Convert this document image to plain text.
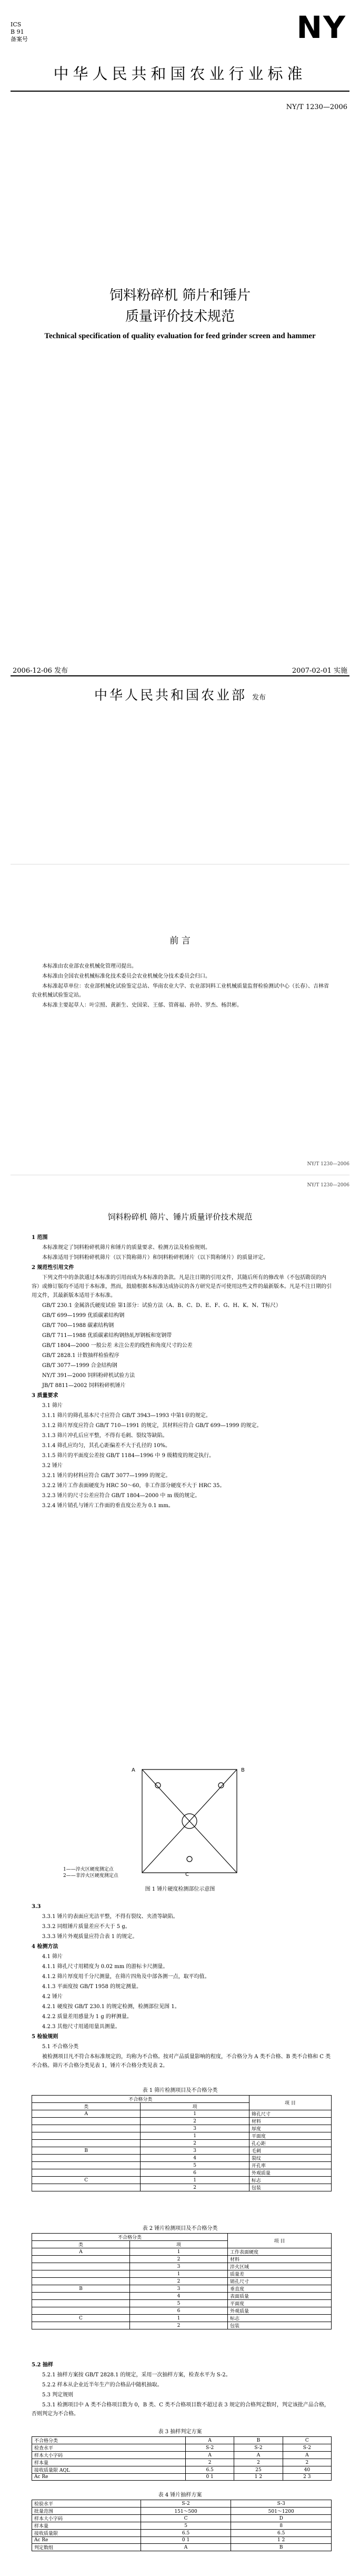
ICS
B 91
备案号	NY
中华人民共和国农业行业标准
NY/T 1230—2006
饲料粉碎机 筛片和锤片
质量评价技术规范
Technical specification of quality evaluation for feed grinder screen and hammer
2006-12-06 发布	2007-02-01 实施
中华人民共和国农业部 发布
前 言

本标准由农业部农业机械化管理司提出。

本标准由全国农业机械标准化技术委员会农业机械化分技术委员会归口。

本标准起草单位：农业部机械化试验鉴定总站、华南农业大学、农业部饲料工业机械质量监督检验测试中心（长春）、吉林省农业机械试验鉴定站。

本标准主要起草人：叶宗照、黄新生、史国荣、王郁、管蒋福、孙铃、罗杰、杨洪彬。

NY/T 1230—2006
NY/T 1230—2006
饲料粉碎机 筛片、锤片质量评价技术规范

1 范围

本标准规定了饲料粉碎机筛片和锤片的质量要求、检测方法及检验规则。

本标准适用于饲料粉碎机筛片（以下简称筛片）和饲料粉碎机锤片（以下简称锤片）的质量评定。

2 规范性引用文件

下列文件中的条款通过本标准的引用而成为本标准的条款。凡是注日期的引用文件，其随后所有的修改单（不包括勘误的内容）或修订版均不适用于本标准，然而，鼓励根据本标准达成协议的各方研究是否可使用这些文件的最新版本。凡是不注日期的引用文件，其最新版本适用于本标准。

GB/T 230.1 金属洛氏硬度试验 第1部分：试验方法（A、B、C、D、E、F、G、H、K、N、T标尺）

GB/T 699—1999 优质碳素结构钢

GB/T 700—1988 碳素结构钢

GB/T 711—1988 优质碳素结构钢热轧厚钢板和宽钢带

GB/T 1804—2000 一般公差 未注公差的线性和角度尺寸的公差

GB/T 2828.1 计数抽样检验程序

GB/T 3077—1999 合金结构钢

NY/T 391—2000 饲料粉碎机试验方法

JB/T 8811—2002 饲料粉碎机锤片

3 质量要求

3.1 筛片

3.1.1 筛片的筛孔基本尺寸应符合 GB/T 3943—1993 中第1章的规定。

3.1.2 筛片厚度应符合 GB/T 710—1991 的规定，其材料应符合 GB/T 699—1999 的规定。

3.1.3 筛片冲孔后应平整，不得有毛刺、裂纹等缺陷。

3.1.4 筛孔应均匀，其孔心距偏差不大于孔径的 10%。

3.1.5 筛片的平面度公差按 GB/T 1184—1996 中 9 级精度的规定执行。

3.2 锤片

3.2.1 锤片的材料应符合 GB/T 3077—1999 的规定。

3.2.2 锤片工作表面硬度为 HRC 50～60，非工作部分硬度不大于 HRC 35。

3.2.3 锤片的尺寸公差应符合 GB/T 1804—2000 中 m 级的规定。

3.2.4 锤片销孔与锤片工作面的垂直度公差为 0.1 mm。

A	B
C
1——淬火区硬度测定点
2——非淬火区硬度测定点
图 1 锤片硬度检测部位示意图

3.3

3.3.1 锤片的表面应光洁平整，不得有裂纹、夹渣等缺陷。

3.3.2 同组锤片质量差应不大于 5 g。

3.3.3 锤片外观质量应符合表 1 的规定。

4 检测方法

4.1 筛片

4.1.1 筛孔尺寸用精度为 0.02 mm 的游标卡尺测量。

4.1.2 筛片厚度用千分尺测量，在筛片四角及中部各测一点，取平均值。

4.1.3 平面度按 GB/T 1958 的规定测量。

4.2 锤片

4.2.1 硬度按 GB/T 230.1 的规定检测，检测部位见图 1。

4.2.2 质量差用感量为 1 g 的秤测量。

4.2.3 其他尺寸用通用量具测量。

5 检验规则

5.1 不合格分类

被检测项目凡不符合本标准规定的，均称为不合格。按对产品质量影响的程度，不合格分为 A 类不合格、B 类不合格和 C 类不合格。筛片不合格分类见表 1，锤片不合格分类见表 2。

表 1 筛片检测项目及不合格分类
不合格分类		项 目
类	项	
A	1	筛孔尺寸
	2	材料
	3	厚度
	1	平面度
	2	孔心距
B	3	毛刺
	4	裂纹
	5	开孔率
	6	外观质量
C	1	标志
	2	包装
表 2 锤片检测项目及不合格分类
不合格分类		项 目
类	项	
A	1	工作表面硬度
	2	材料
	3	淬火区域
	1	质量差
	2	销孔尺寸
B	3	垂直度
	4	表面质量
	5	平面度
	6	外观质量
C	1	标志
	2	包装

5.2 抽样

5.2.1 抽样方案按 GB/T 2828.1 的规定，采用一次抽样方案，检查水平为 S-2。

5.2.2 样本从企业近半年生产的合格品中随机抽取。

5.3 判定规则

5.3.1 检测项目中 A 类不合格项目数为 0，B 类、C 类不合格项目数不超过表 3 规定的合格判定数时，判定该批产品合格，否则判定为不合格。

表 3 抽样判定方案
不合格分类	A	B	C
检查水平	S-2	S-2	S-2
样本大小字码	A	A	A
样本量	2	2	2
接收质量限 AQL	6.5	25	40
Ac Re	0 1	1 2	2 3
表 4 锤片抽样方案
检验水平	S-2	S-3
批量范围	151～500	501～1200
样本大小字码	C	D
样本量	5	8
接收质量限	6.5	6.5
Ac Re	0 1	1 2
判定数组	A	B
